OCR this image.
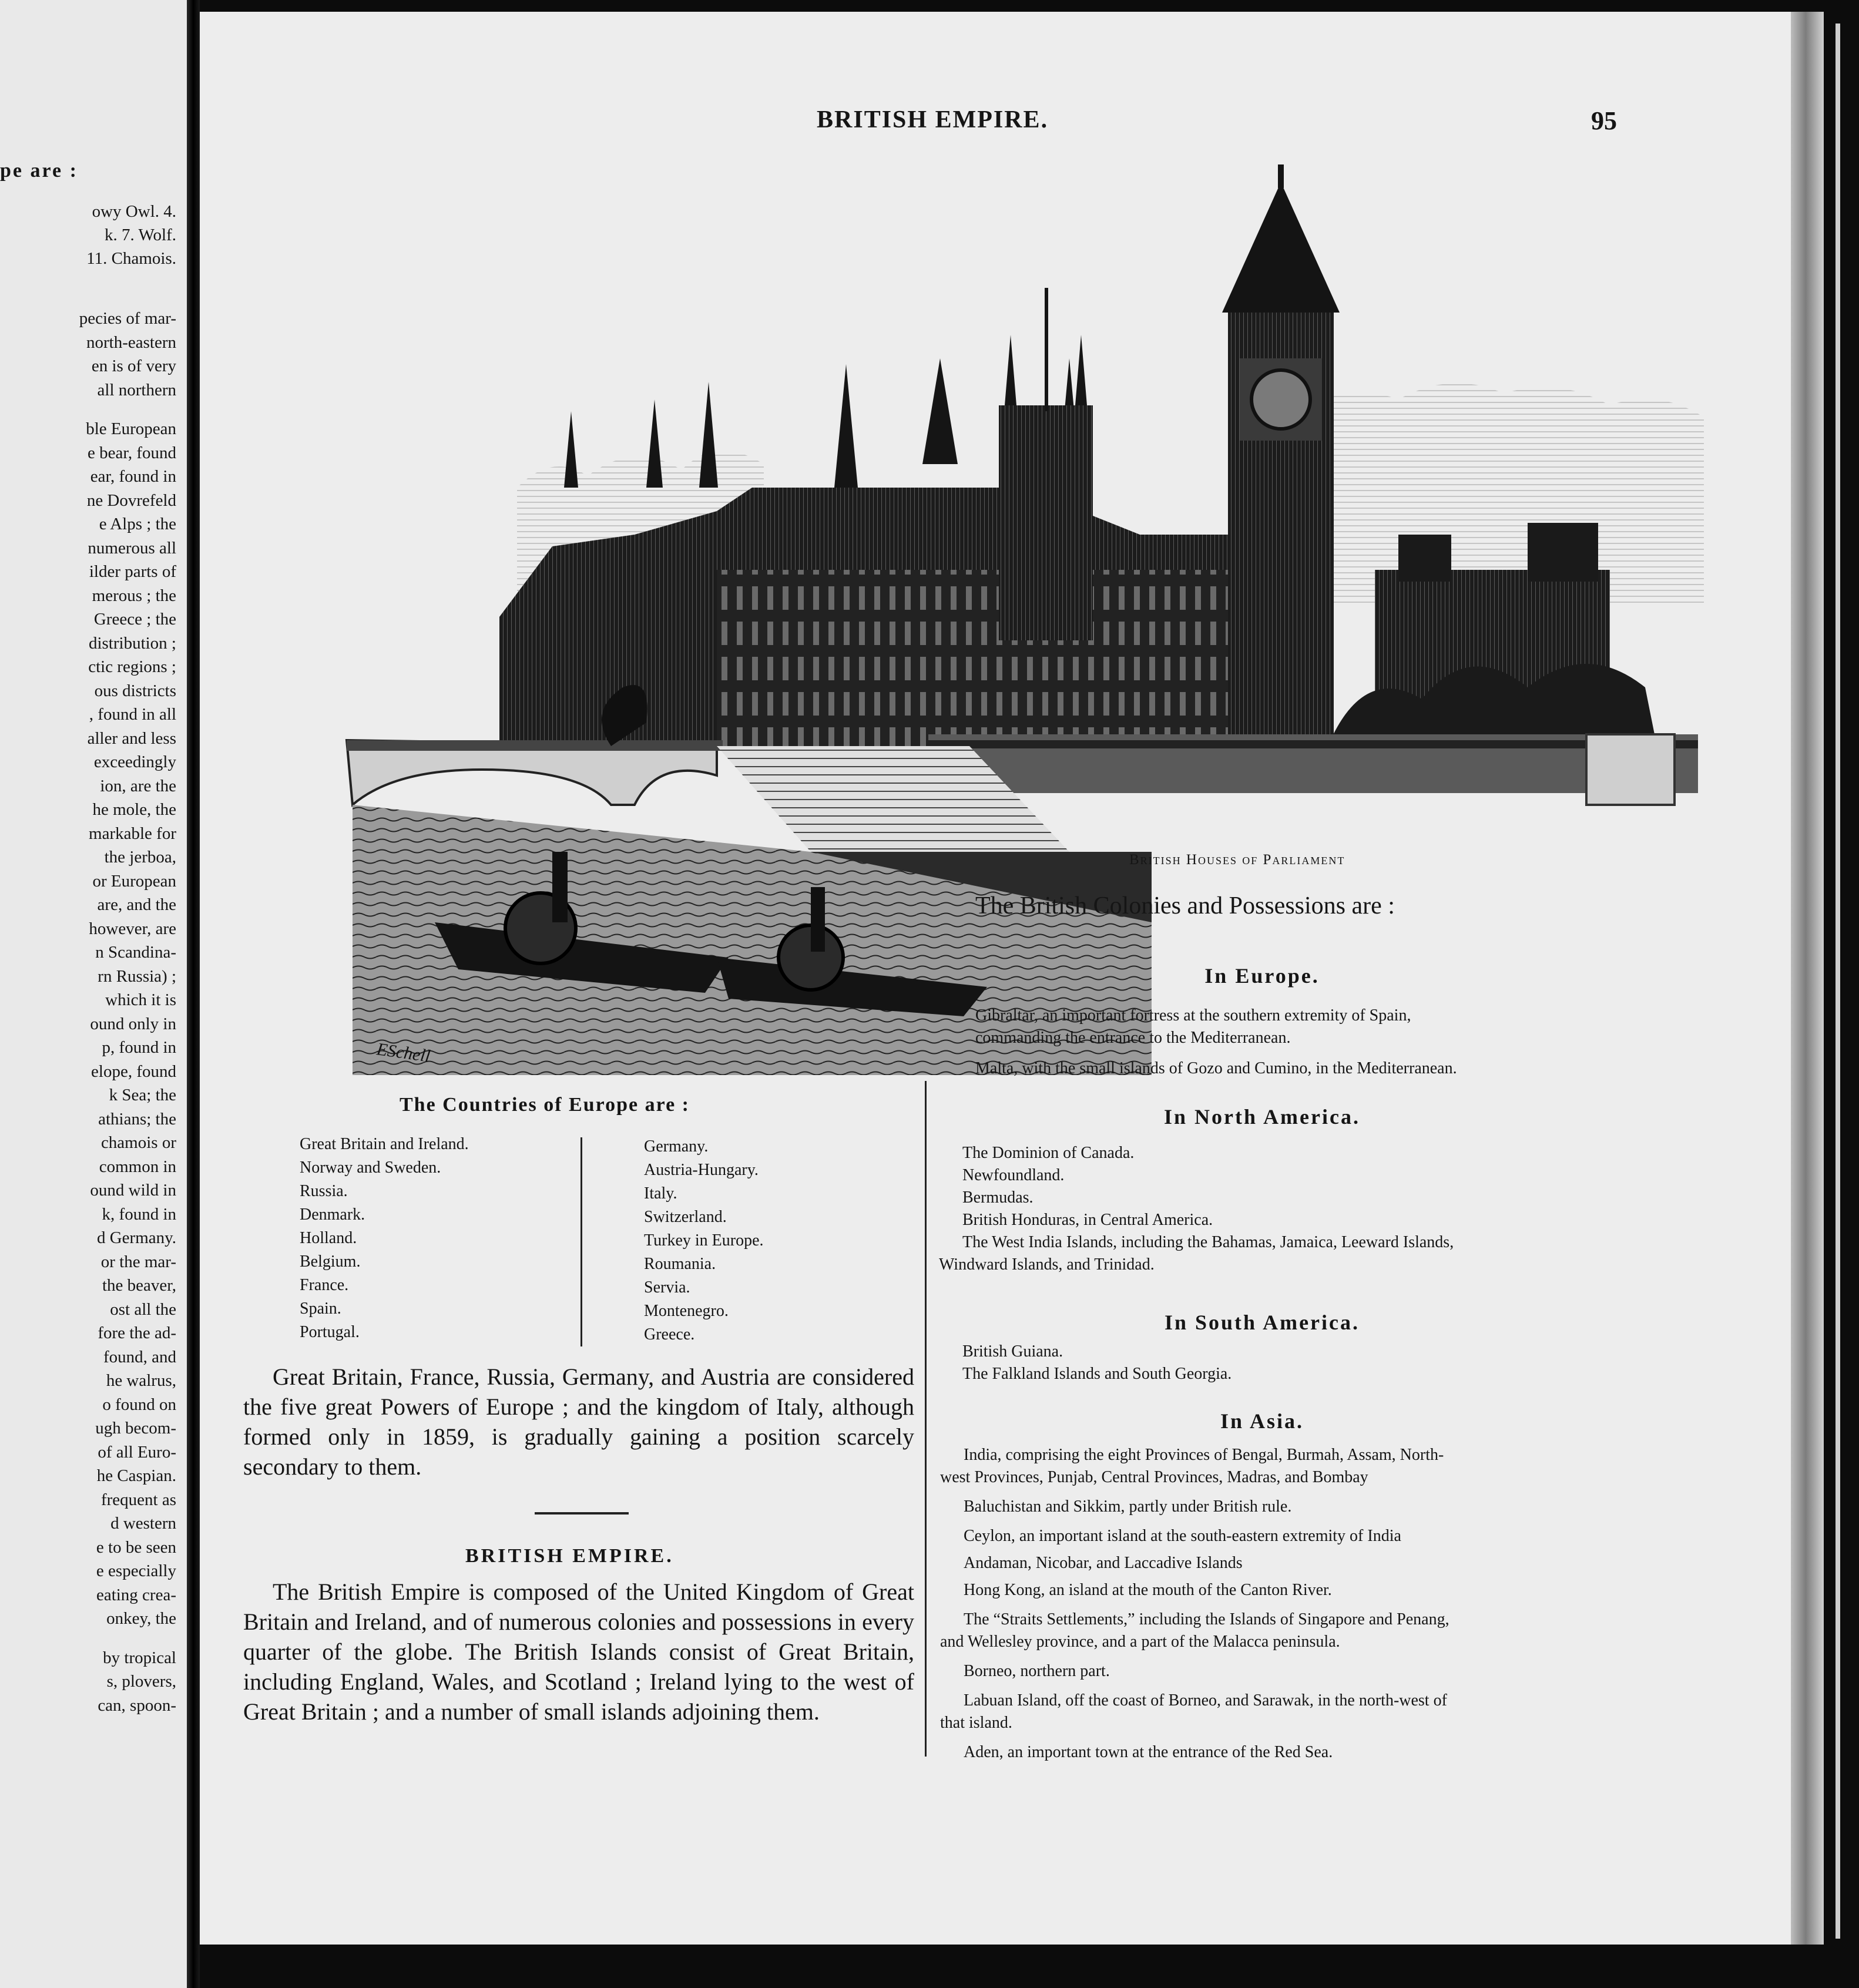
pe are :
owy Owl. 4.
k. 7. Wolf.
11. Chamois.
pecies of mar-
north-eastern
en is of very
all northern
ble European
e bear, found
ear, found in
ne Dovrefeld
e Alps ; the
numerous all
ilder parts of
merous ; the
Greece ; the
distribution ;
ctic regions ;
ous districts
, found in all
aller and less
exceedingly
ion, are the
he mole, the
markable for
the jerboa,
or European
are, and the
however, are
n Scandina-
rn Russia) ;
which it is
ound only in
p, found in
elope, found
k Sea; the
athians; the
chamois or
common in
ound wild in
k, found in
d Germany.
or the mar-
the beaver,
ost all the
fore the ad-
found, and
he walrus,
o found on
ugh becom-
of all Euro-
he Caspian.
frequent as
d western
e to be seen
e especially
eating crea-
onkey, the
by tropical
s, plovers,
can, spoon-
BRITISH EMPIRE.	95
ESchell
British Houses of Parliament
The British Colonies and Possessions are :
In Europe.
Gibraltar, an important fortress at the southern extremity of Spain,
commanding the entrance to the Mediterranean.
Malta, with the small islands of Gozo and Cumino, in the Mediterranean.
In North America.
The Dominion of Canada.
Newfoundland.
Bermudas.
British Honduras, in Central America.
The West India Islands, including the Bahamas, Jamaica, Leeward Islands,
Windward Islands, and Trinidad.
In South America.
British Guiana.
The Falkland Islands and South Georgia.
In Asia.
India, comprising the eight Provinces of Bengal, Burmah, Assam, North-
west Provinces, Punjab, Central Provinces, Madras, and Bombay
Baluchistan and Sikkim, partly under British rule.
Ceylon, an important island at the south-eastern extremity of India
Andaman, Nicobar, and Laccadive Islands
Hong Kong, an island at the mouth of the Canton River.
The “Straits Settlements,” including the Islands of Singapore and Penang,
and Wellesley province, and a part of the Malacca peninsula.
Borneo, northern part.
Labuan Island, off the coast of Borneo, and Sarawak, in the north-west of
that island.
Aden, an important town at the entrance of the Red Sea.
The Countries of Europe are :
Great Britain and Ireland.
Norway and Sweden.
Russia.
Denmark.
Holland.
Belgium.
France.
Spain.
Portugal.
Germany.
Austria-Hungary.
Italy.
Switzerland.
Turkey in Europe.
Roumania.
Servia.
Montenegro.
Greece.

Great Britain, France, Russia, Germany, and Austria are considered the five great Powers of Europe ; and the kingdom of Italy, although formed only in 1859, is gradually gaining a position scarcely secondary to them.

BRITISH EMPIRE.

The British Empire is composed of the United Kingdom of Great Britain and Ireland, and of numerous colonies and possessions in every quarter of the globe. The British Islands consist of Great Britain, including England, Wales, and Scotland ; Ireland lying to the west of Great Britain ; and a number of small islands adjoining them.
